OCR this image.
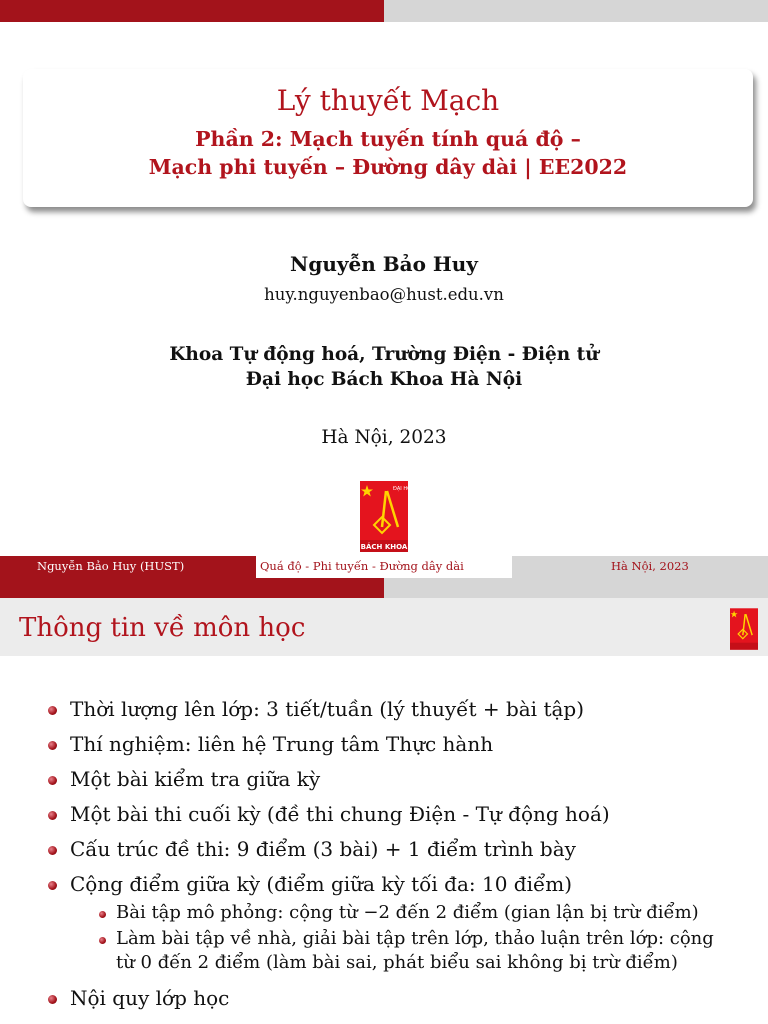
Lý thuyết Mạch
Phần 2: Mạch tuyến tính quá độ –
Mạch phi tuyến – Đường dây dài | EE2022
Nguyễn Bảo Huy
huy.nguyenbao@hust.edu.vn
Khoa Tự động hoá, Trường Điện - Điện tử
Đại học Bách Khoa Hà Nội
Hà Nội, 2023
ĐẠI HỌC
BÁCH KHOA
Nguyễn Bảo Huy (HUST)	Quá độ - Phi tuyến - Đường dây dài	Hà Nội, 2023
Thông tin về môn học
Thời lượng lên lớp: 3 tiết/tuần (lý thuyết + bài tập)
Thí nghiệm: liên hệ Trung tâm Thực hành
Một bài kiểm tra giữa kỳ
Một bài thi cuối kỳ (đề thi chung Điện - Tự động hoá)
Cấu trúc đề thi: 9 điểm (3 bài) + 1 điểm trình bày
Cộng điểm giữa kỳ (điểm giữa kỳ tối đa: 10 điểm)
Bài tập mô phỏng: cộng từ −2 đến 2 điểm (gian lận bị trừ điểm)
Làm bài tập về nhà, giải bài tập trên lớp, thảo luận trên lớp: cộng
từ 0 đến 2 điểm (làm bài sai, phát biểu sai không bị trừ điểm)
Nội quy lớp học
